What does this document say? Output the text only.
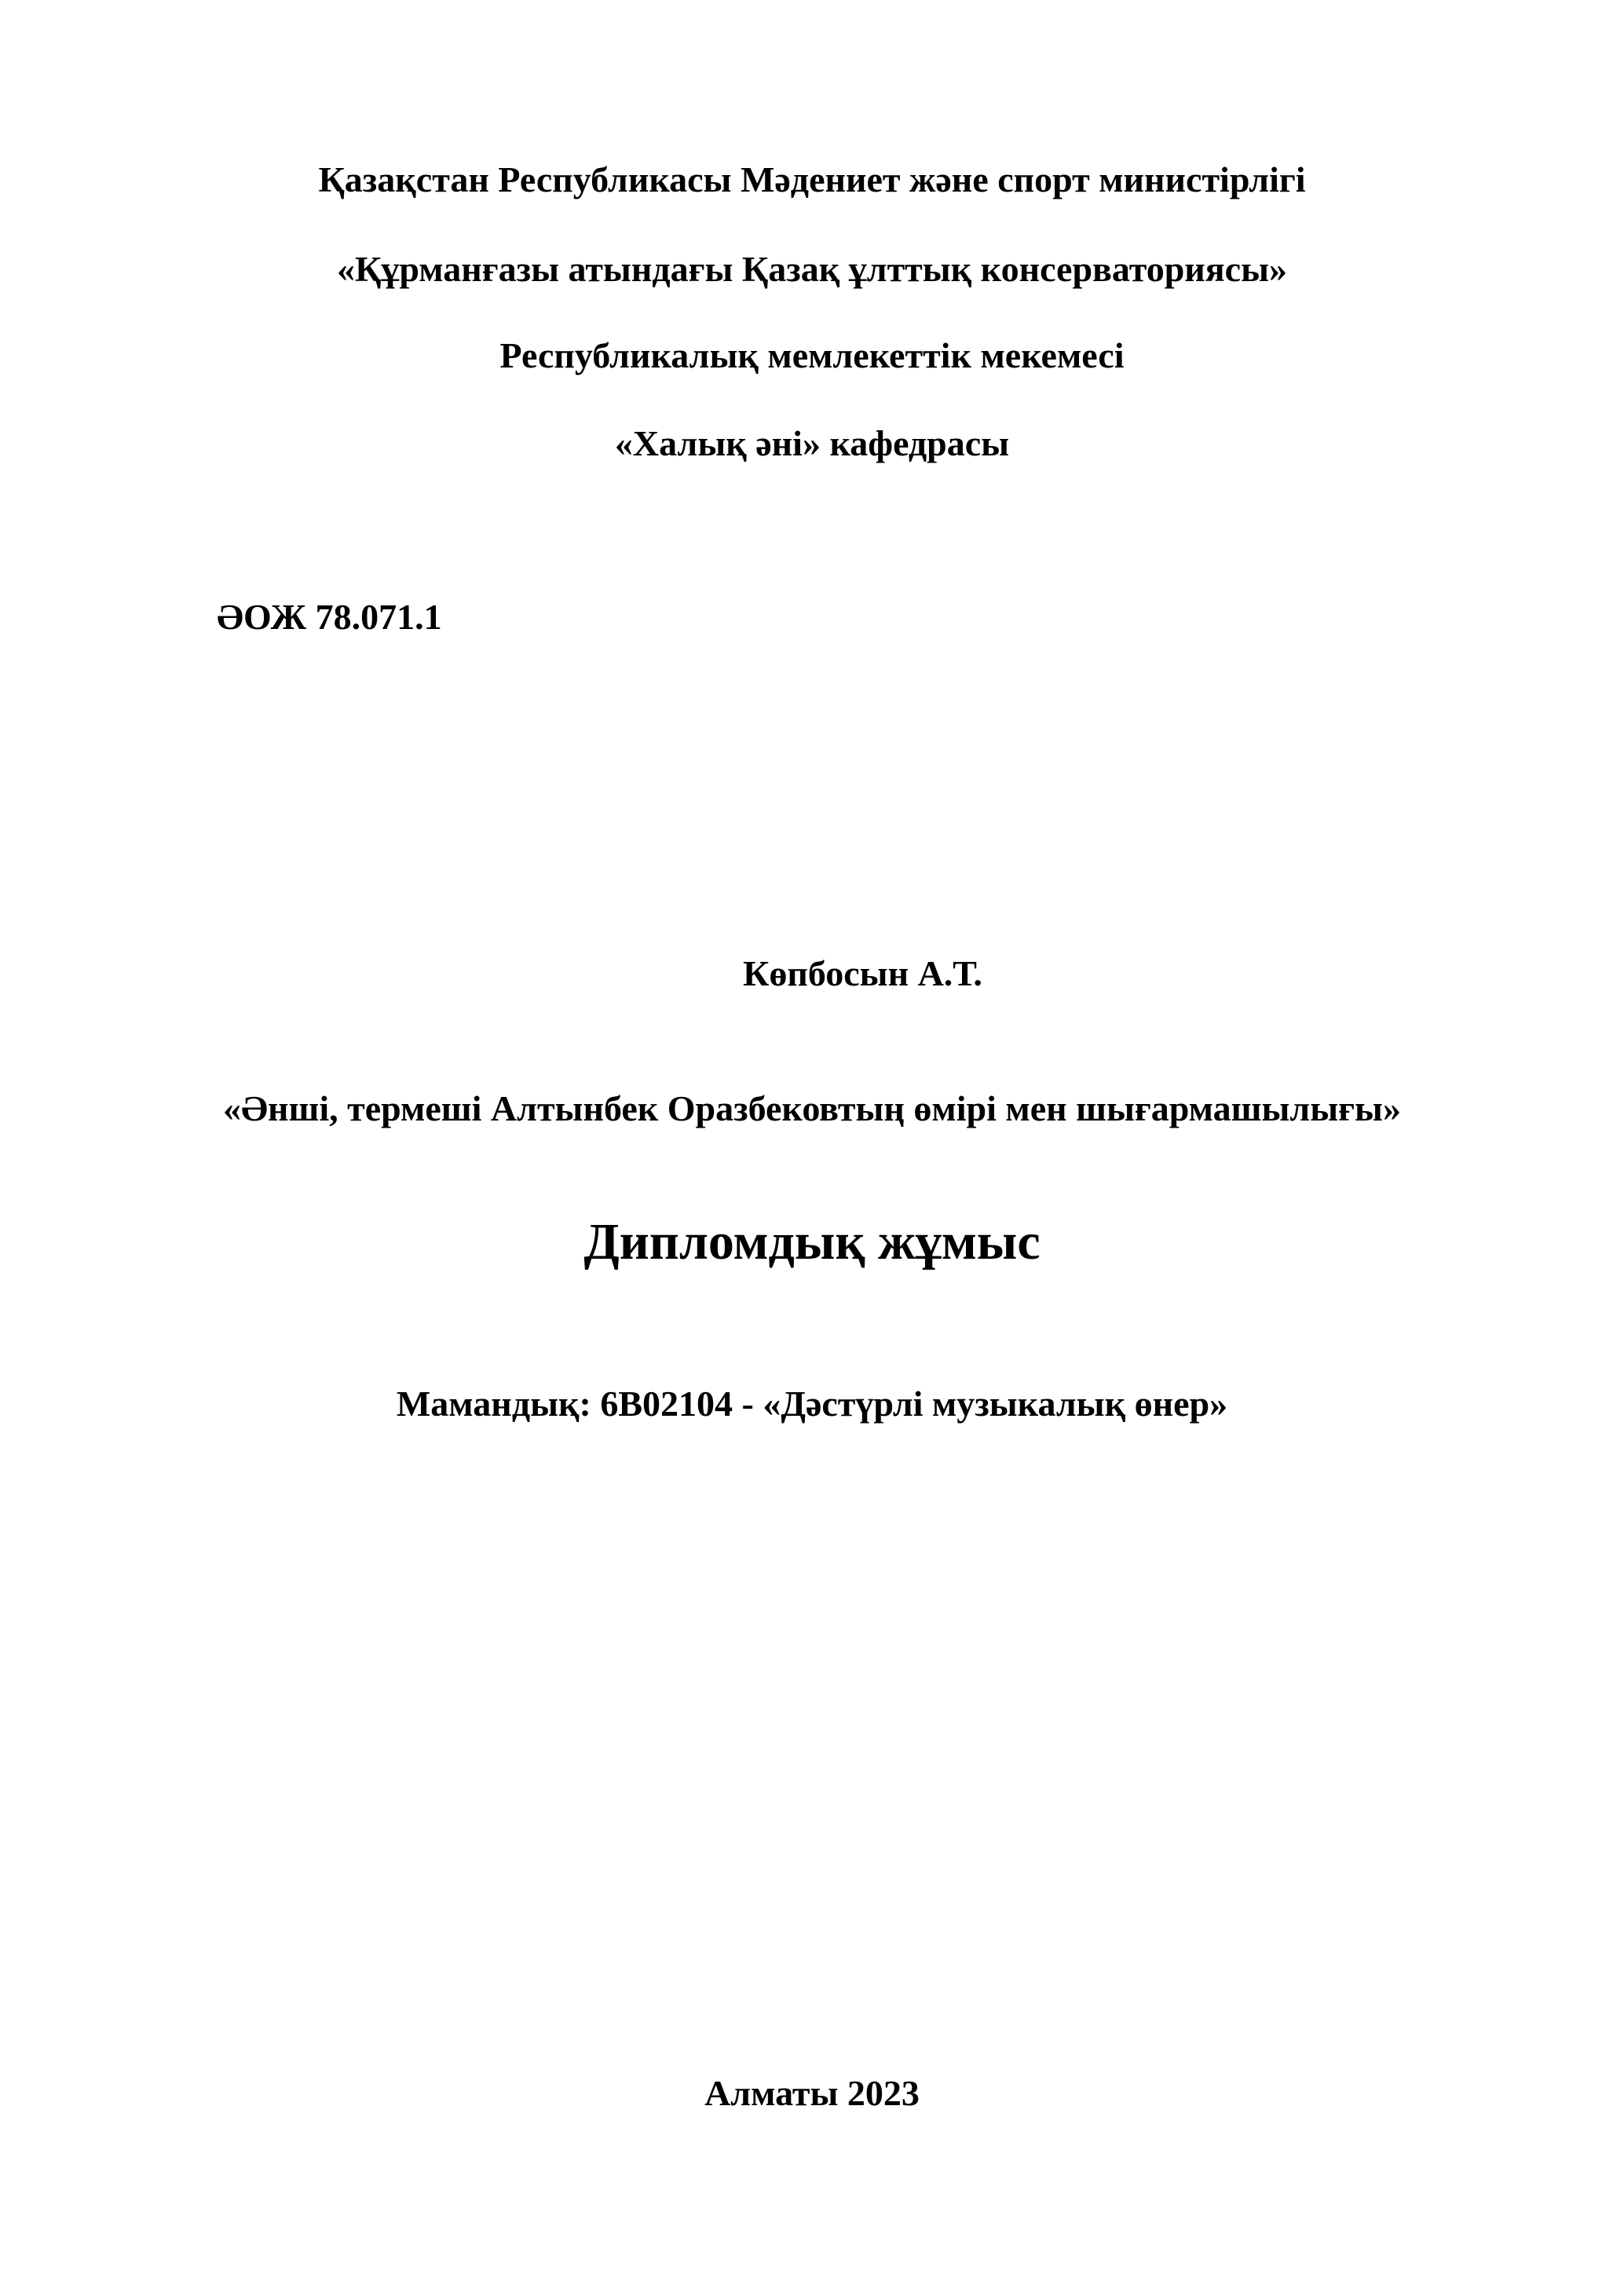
Қазақстан Республикасы Мәдениет және спорт министірлігі
«Құрманғазы атындағы Қазақ ұлттық консерваториясы»
Республикалық мемлекеттік мекемесі
«Халық әні» кафедрасы
ӘОЖ 78.071.1
Көпбосын А.Т.
«Әнші, термеші Алтынбек Оразбековтың өмірі мен шығармашылығы»
Дипломдық жұмыс
Мамандық: 6В02104 - «Дәстүрлі музыкалық өнер»
Алматы 2023
